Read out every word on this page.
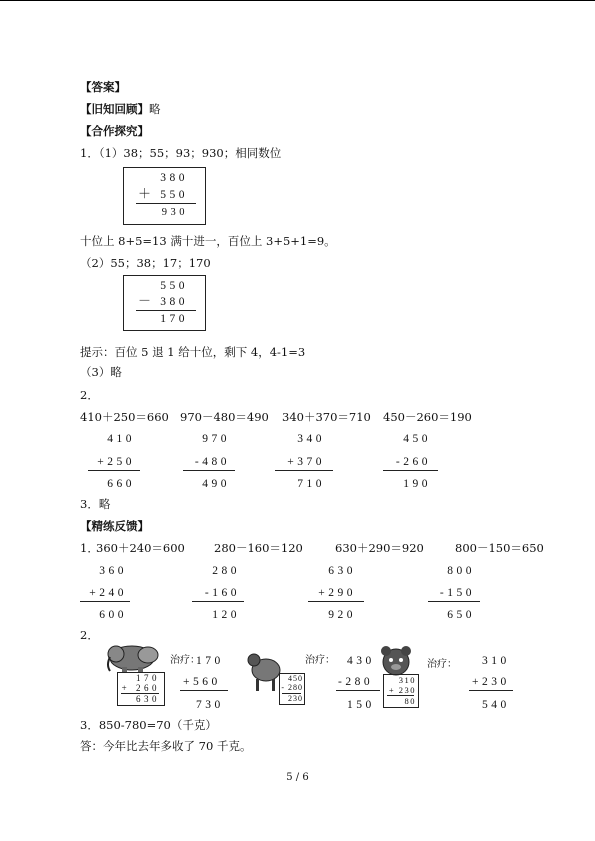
【答案】
【旧知回顾】略
【合作探究】
1．（1）38；55；93；930；相同数位
380
＋ 550
930
十位上 8+5=13 满十进一，百位上 3+5+1=9。
（2）55；38；17；170
550
－ 380
170
提示：百位 5 退 1 给十位，剩下 4，4-1=3
（3）略
2．
410＋250＝660 970－480＝490 340＋370＝710 450－260＝190
410
+250
660
970
-480
490
340
+370
710
450
-260
190
3．略
【精练反馈】
1．
360＋240＝600	280－160＝120	630＋290＝920	800－150＝650
360
+240
600
280
-160
120
630
+290
920
800
-150
650
2．
170
+ 260
630
治疗：
170
+560
730
450
- 280
230
治疗： 430
-280
150
310
+ 230
80
治疗： 310
+230
540
3．850-780=70（千克）
答：今年比去年多收了 70 千克。
5 / 6
